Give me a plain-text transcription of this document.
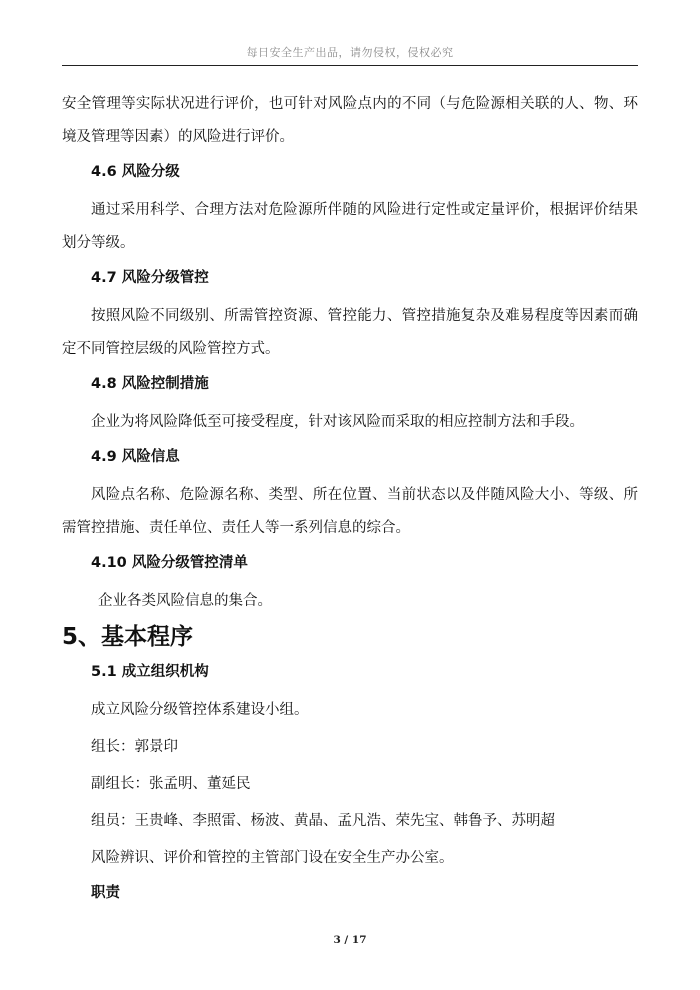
每日安全生产出品，请勿侵权，侵权必究

安全管理等实际状况进行评价，也可针对风险点内的不同（与危险源相关联的人、物、环境及管理等因素）的风险进行评价。

4.6 风险分级

通过采用科学、合理方法对危险源所伴随的风险进行定性或定量评价，根据评价结果划分等级。

4.7 风险分级管控

按照风险不同级别、所需管控资源、管控能力、管控措施复杂及难易程度等因素而确定不同管控层级的风险管控方式。

4.8 风险控制措施

企业为将风险降低至可接受程度，针对该风险而采取的相应控制方法和手段。

4.9 风险信息

风险点名称、危险源名称、类型、所在位置、当前状态以及伴随风险大小、等级、所需管控措施、责任单位、责任人等一系列信息的综合。

4.10 风险分级管控清单

企业各类风险信息的集合。

5、基本程序
5.1 成立组织机构

成立风险分级管控体系建设小组。

组长：郭景印

副组长：张孟明、董延民

组员：王贵峰、李照雷、杨波、黄晶、孟凡浩、荣先宝、韩鲁予、苏明超

风险辨识、评价和管控的主管部门设在安全生产办公室。

职责
3 / 17
